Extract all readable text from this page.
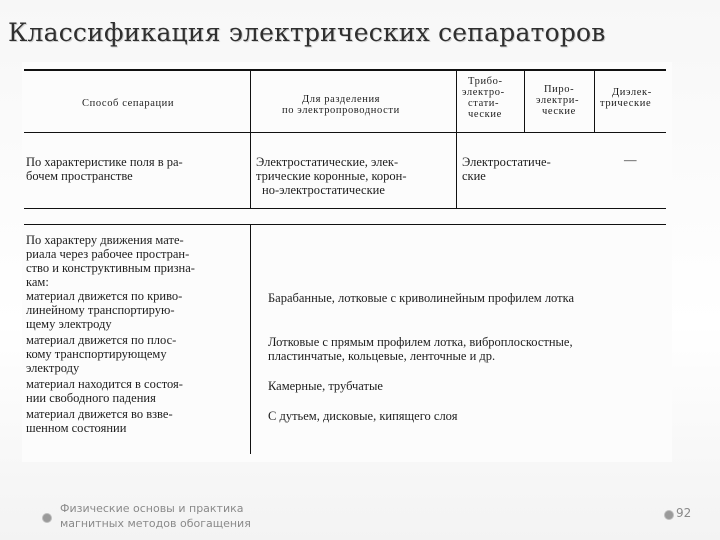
Классификация электрических сепараторов
Способ сепарации	Для разделения
по электропроводности
Трибо-
электро-
стати-
ческие
Пиро-
электри-
ческие
Диэлек-
трические
По характеристике поля в ра-
бочем пространстве
Электростатические, элек-
трические коронные, корон-
но-электростатические
Электростатиче-
ские
—
По характеру движения мате-
риала через рабочее простран-
ство и конструктивным призна-
кам:
материал движется по криво-
линейному транспортирую-
щему электроду
Барабанные, лотковые с криволинейным профилем лотка
материал движется по плос-
кому транспортирующему
электроду
Лотковые с прямым профилем лотка, виброплоскостные,
пластинчатые, кольцевые, ленточные и др.
материал находится в состоя-
нии свободного падения
Камерные, трубчатые
материал движется во взве-
шенном состоянии
С дутьем, дисковые, кипящего слоя
Физические основы и практика
магнитных методов обогащения
92
